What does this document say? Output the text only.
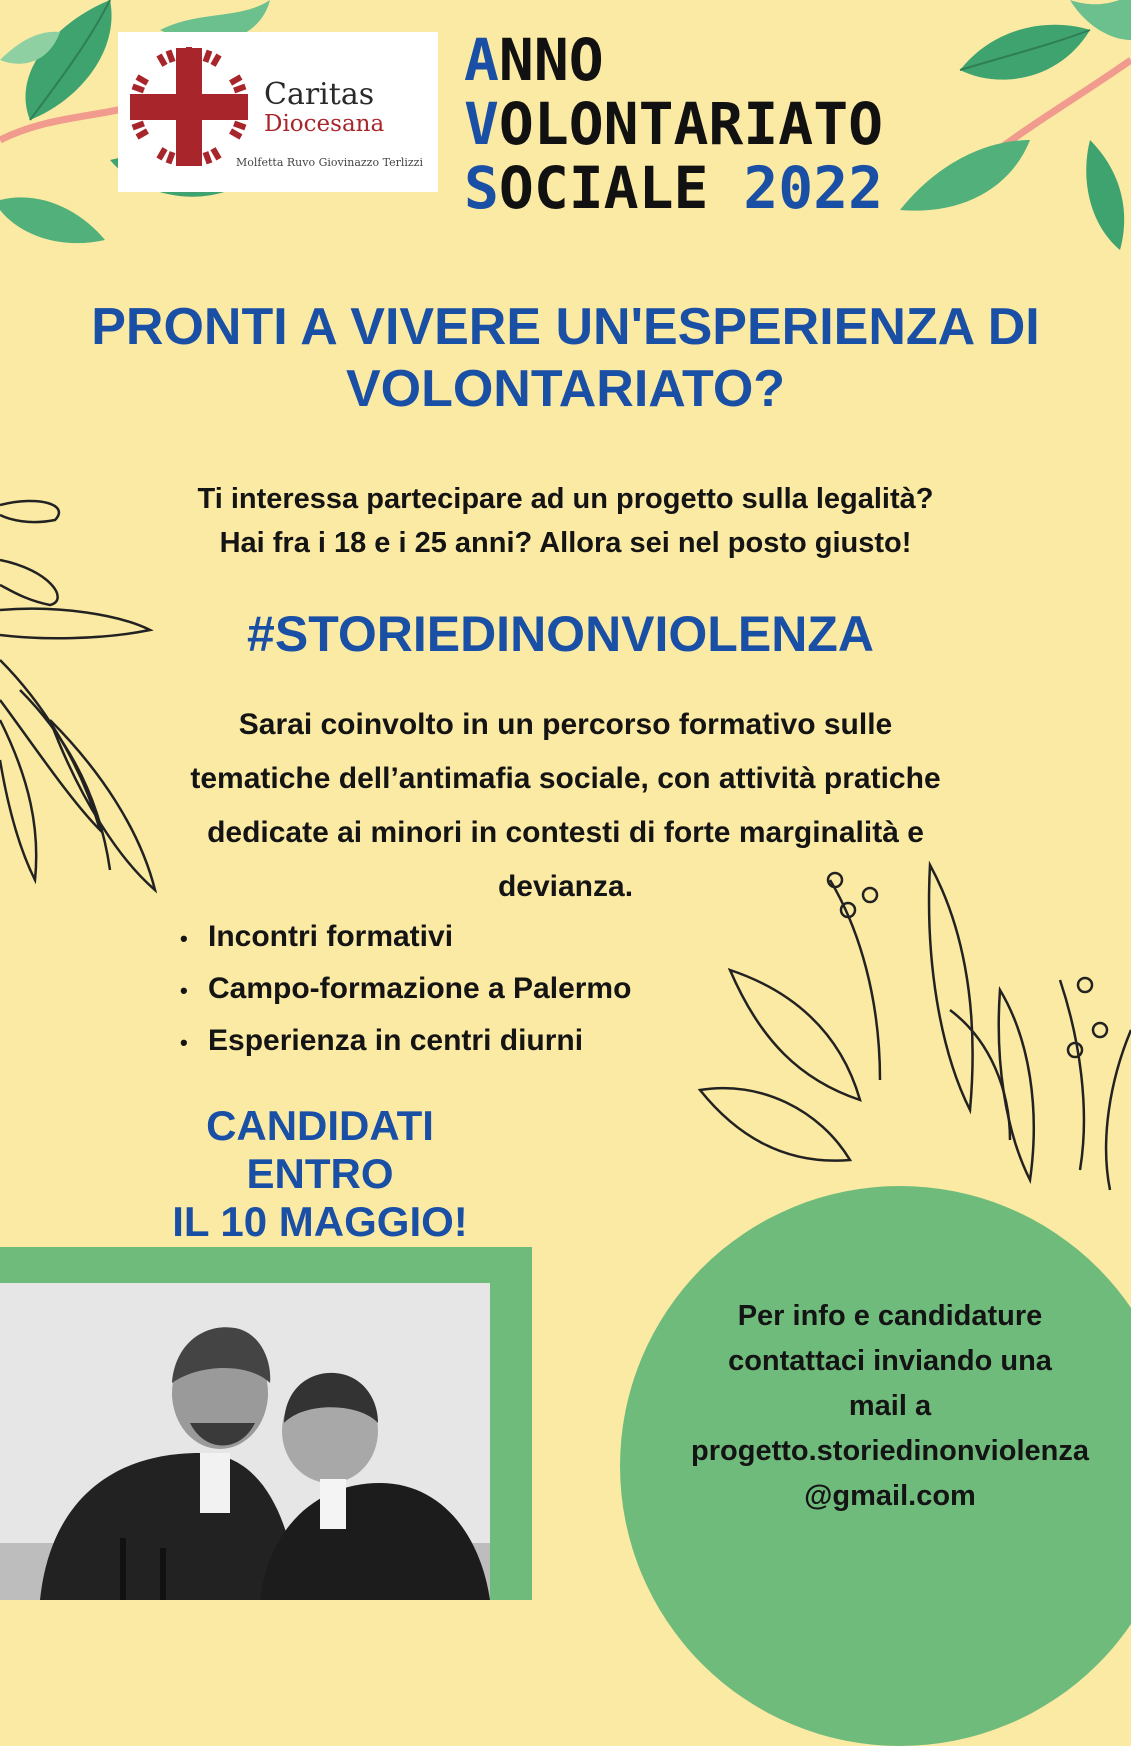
Caritas
Diocesana
Molfetta Ruvo Giovinazzo Terlizzi
ANNO
VOLONTARIATO
SOCIALE 2022
PRONTI A VIVERE UN'ESPERIENZA DI
VOLONTARIATO?
Ti interessa partecipare ad un progetto sulla legalità?
Hai fra i 18 e i 25 anni? Allora sei nel posto giusto!
#STORIEDINONVIOLENZA
Sarai coinvolto in un percorso formativo sulle
tematiche dell’antimafia sociale, con attività pratiche
dedicate ai minori in contesti di forte marginalità e
devianza.
• Incontri formativi
• Campo-formazione a Palermo
• Esperienza in centri diurni
CANDIDATI ENTRO
IL 10 MAGGIO!
Per info e candidature
contattaci inviando una
mail a
progetto.storiedinonviolenza
@gmail.com
